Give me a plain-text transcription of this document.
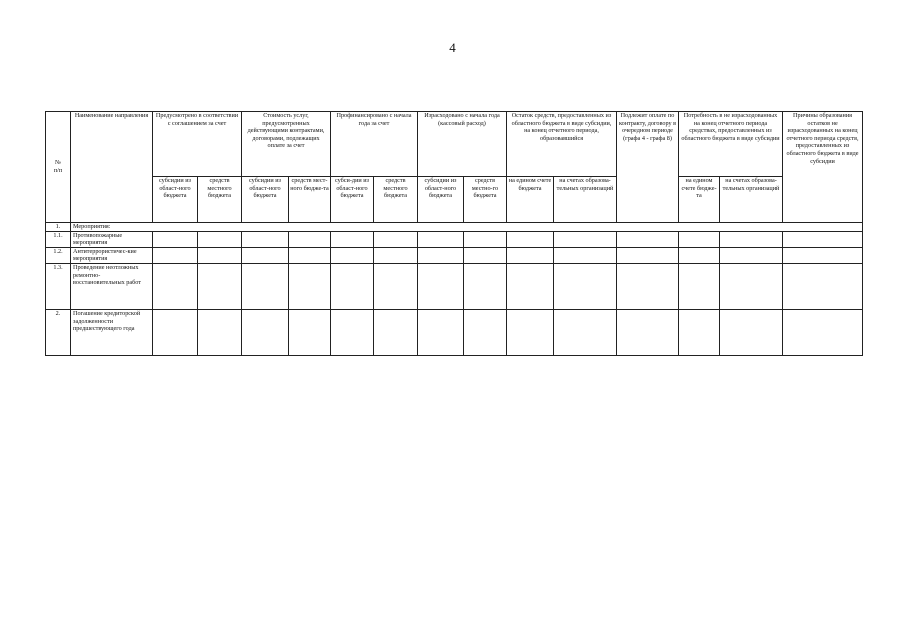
4
№
п/п	Наименование направления	Предусмотрено в соответствии с соглашением за счет		Стоимость услуг, предусмотренных действующими контрактами, договорами, подлежащих оплате за счет		Профинансировано с начала года за счет		Израсходовано с начала года (кассовый расход)		Остаток средств, предоставленных из областного бюджета в виде субсидии, на конец отчетного периода, образовавшийся		Подлежит оплате по контракту, договору в очередном периоде (графа 4 - графа 8)	Потребность в не израсходованных на конец отчетного периода средствах, предоставленных из областного бюджета в виде субсидии		Причины образования остатков не израсходованных на конец отчетного периода средств, предоставленных из областного бюджета в виде субсидии
		субсидии из област-ного бюджета	средств местного бюджета	субсидии из област-ного бюджета	средств мест-ного бюдже-та	субси-дии из област-ного бюджета	средств местного бюджета	субсидии из област-ного бюджета	средств местно-го бюджета	на едином счете бюджета	на счетах образова-тельных организаций		на едином счете бюдже-та	на счетах образова-тельных организаций	
1.	Мероприятия:														
1.1.	Противопожарные мероприятия														
1.2.	Антитеррористичес-кие мероприятия														
1.3.	Проведение неотложных ремонтно-восстановительных работ														
2.	Погашение кредиторской задолженности предшествующего года														
